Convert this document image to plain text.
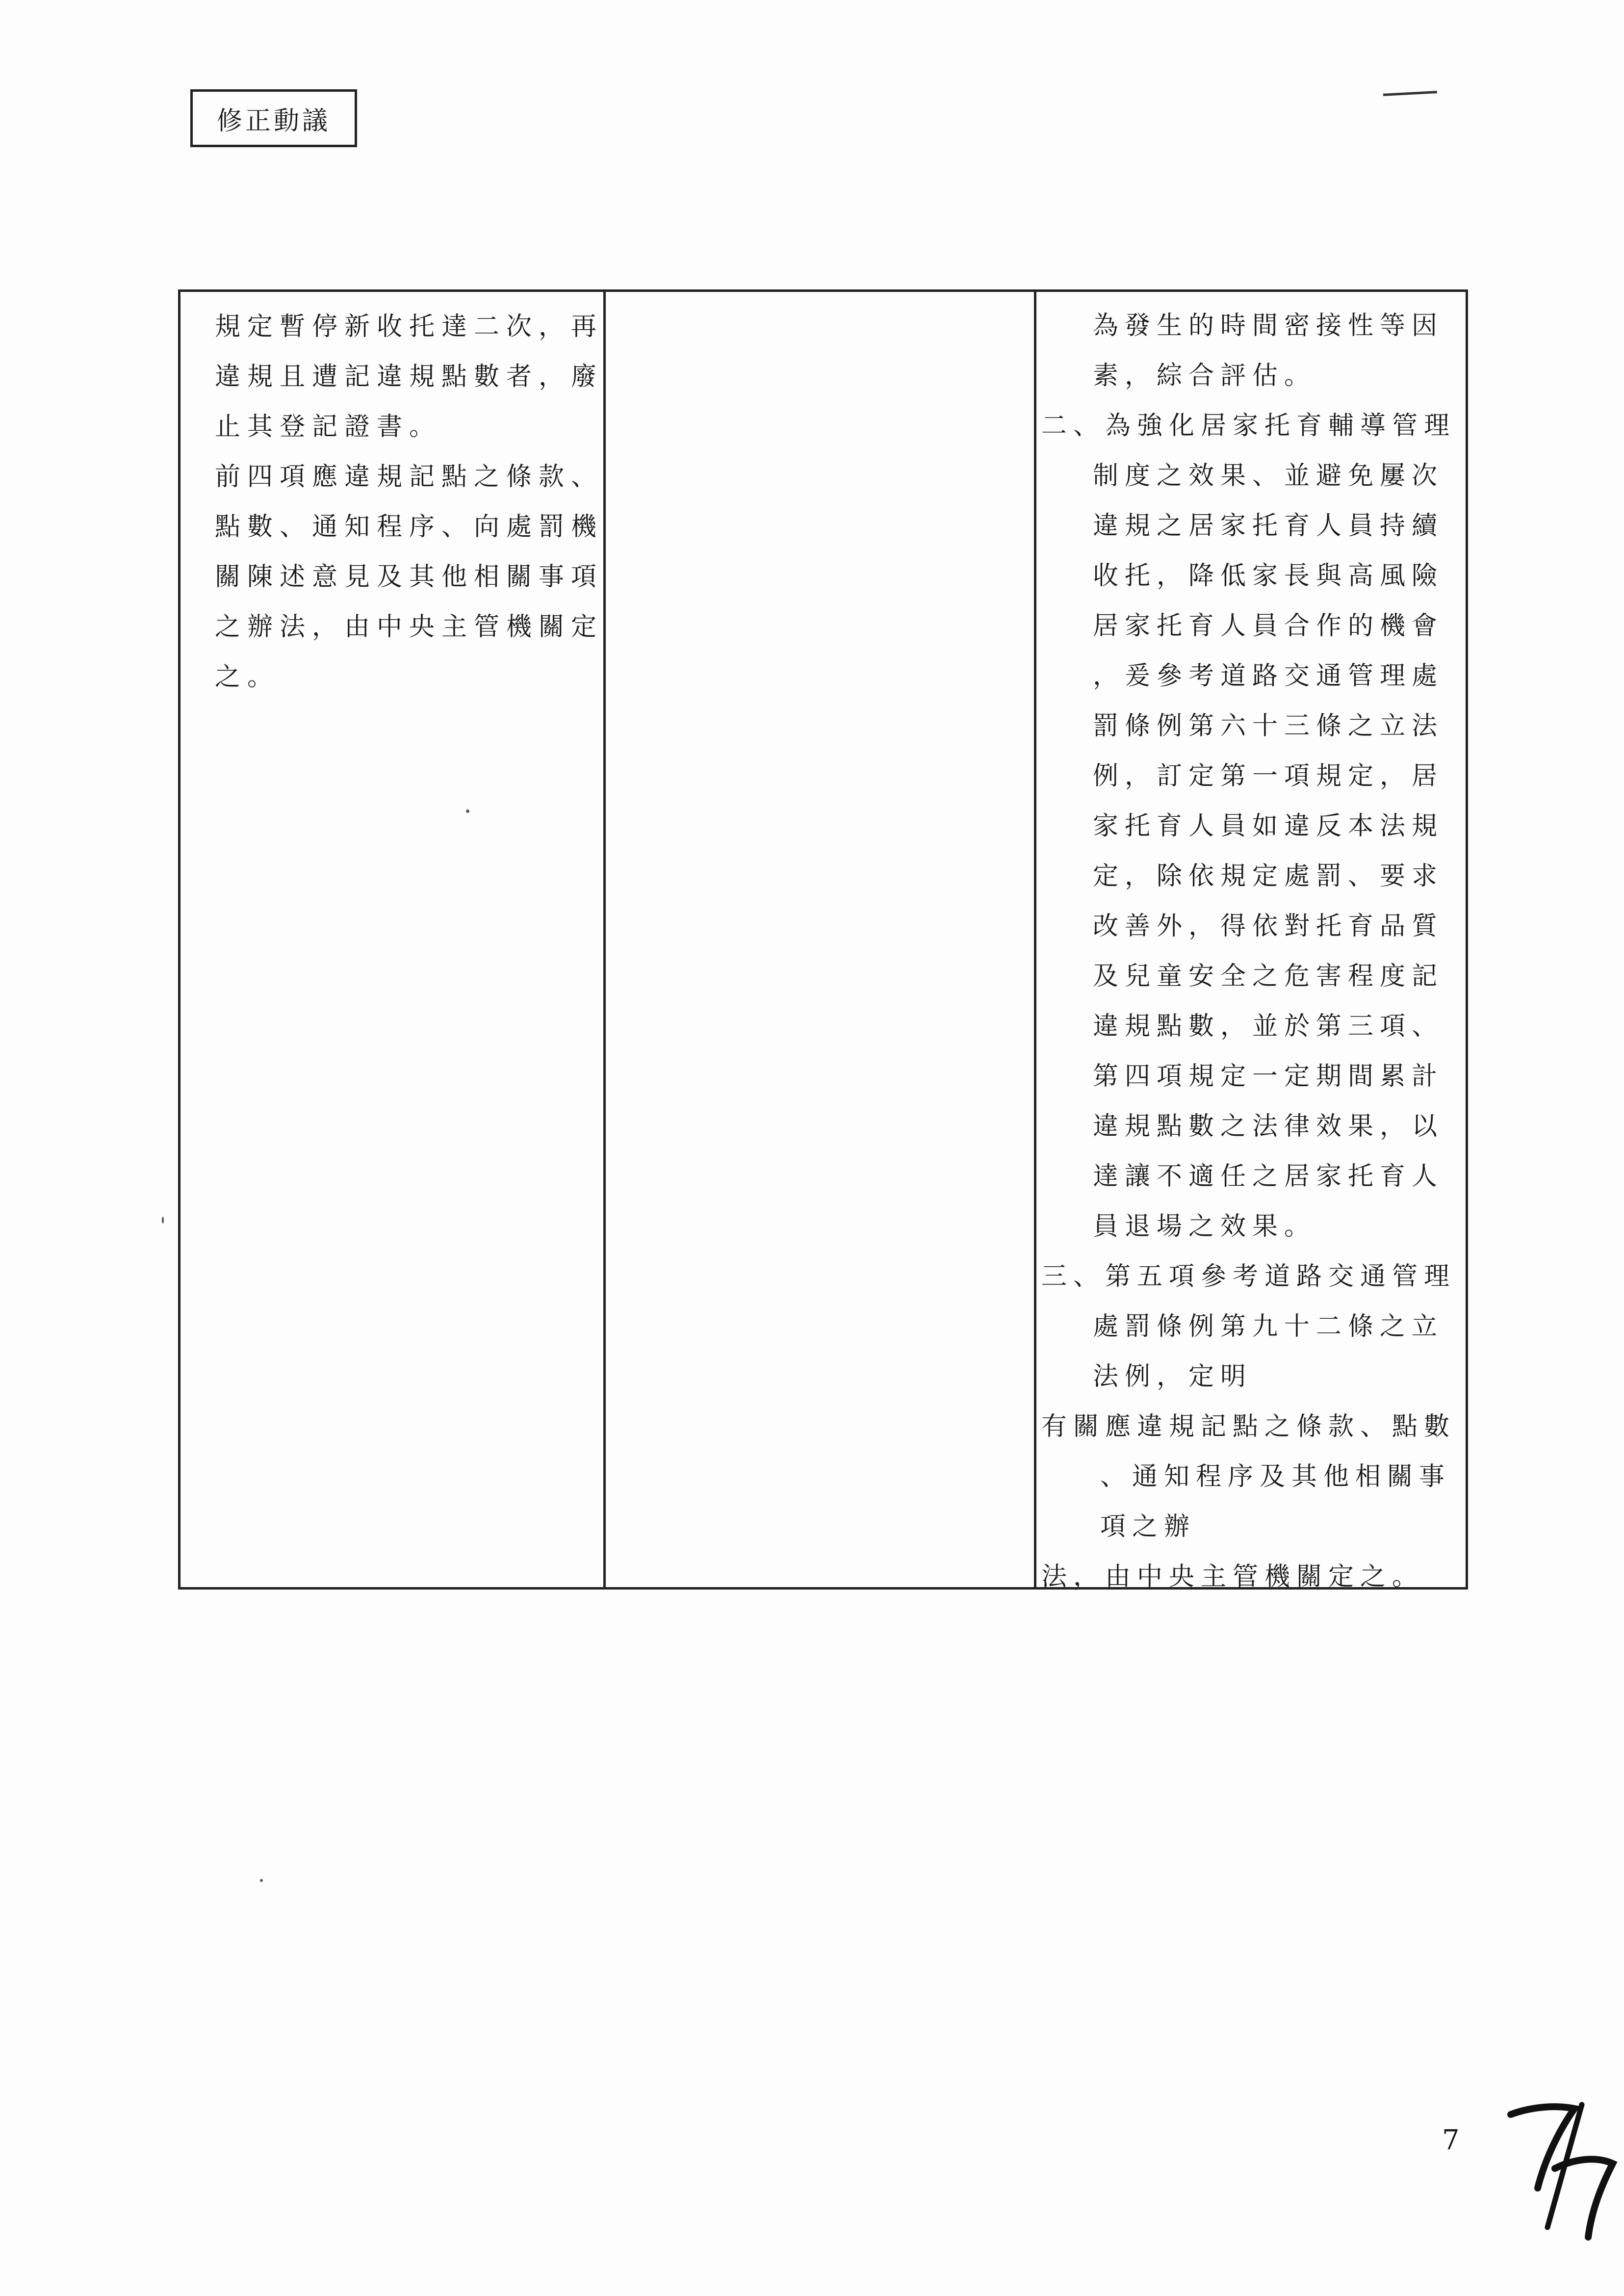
修正動議
規定暫停新收托達二次，再
違規且遭記違規點數者，廢
止其登記證書。
前四項應違規記點之條款、
點數、通知程序、向處罰機
關陳述意見及其他相關事項
之辦法，由中央主管機關定
之。
為發生的時間密接性等因
素，綜合評估。
二、為強化居家托育輔導管理
制度之效果、並避免屢次
違規之居家托育人員持續
收托，降低家長與高風險
居家托育人員合作的機會
，爰參考道路交通管理處
罰條例第六十三條之立法
例，訂定第一項規定，居
家托育人員如違反本法規
定，除依規定處罰、要求
改善外，得依對托育品質
及兒童安全之危害程度記
違規點數，並於第三項、
第四項規定一定期間累計
違規點數之法律效果，以
達讓不適任之居家托育人
員退場之效果。
三、第五項參考道路交通管理
處罰條例第九十二條之立
法例，定明
有關應違規記點之條款、點數
、通知程序及其他相關事
項之辦
法，由中央主管機關定之。
7
